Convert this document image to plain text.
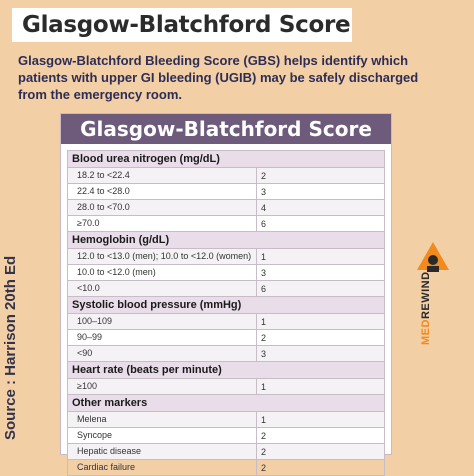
Glasgow-Blatchford Score
Glasgow-Blatchford Bleeding Score (GBS) helps identify which patients with upper GI bleeding (UGIB) may be safely discharged from the emergency room.
Source : Harrison 20th Ed
Glasgow-Blatchford Score
Blood urea nitrogen (mg/dL)	
18.2 to <22.4	2
22.4 to <28.0	3
28.0 to <70.0	4
≥70.0	6
Hemoglobin (g/dL)	
12.0 to <13.0 (men); 10.0 to <12.0 (women)	1
10.0 to <12.0 (men)	3
<10.0	6
Systolic blood pressure (mmHg)	
100–109	1
90–99	2
<90	3
Heart rate (beats per minute)	
≥100	1
Other markers	
Melena	1
Syncope	2
Hepatic disease	2
Cardiac failure	2
MEDREWIND
